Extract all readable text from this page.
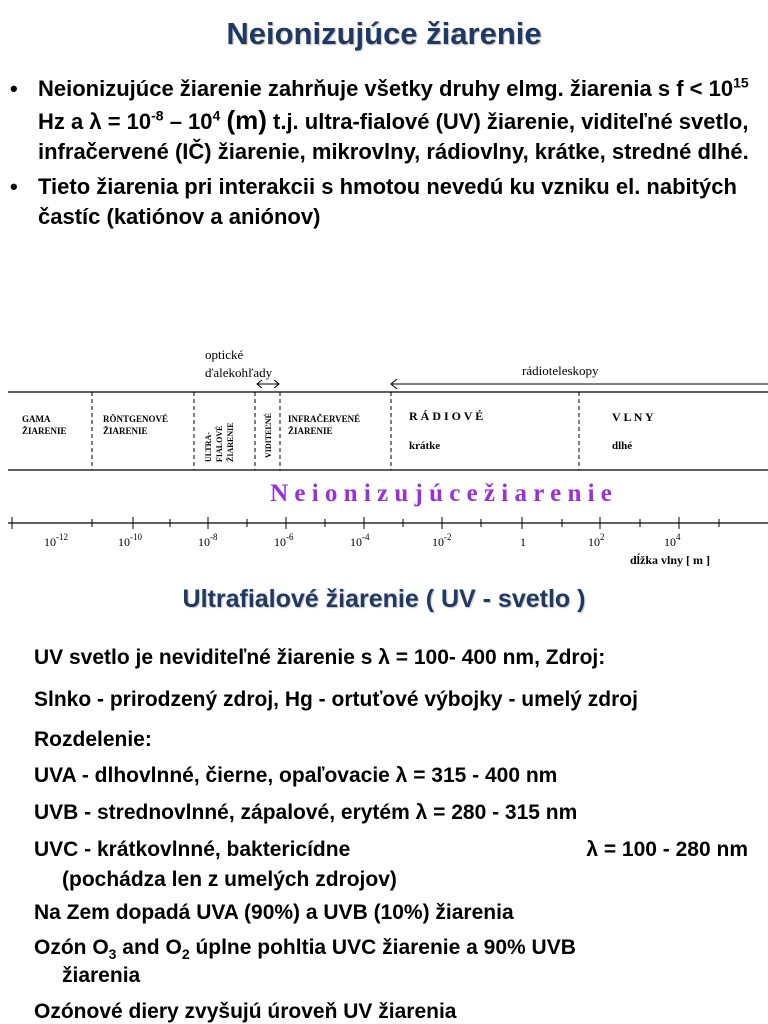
Neionizujúce žiarenie
• Neionizujúce žiarenie zahrňuje všetky druhy elmg. žiarenia s $f < 10^{15}$ Hz a $\lambda = 10^{-8} - 10^4$ (m) t.j. ultra-fialové (UV) žiarenie, viditeľné svetlo, infračervené (IČ) žiarenie, mikrovlny, rádiovlny, krátke, stredné dlhé.
• Tieto žiarenia pri interakcii s hmotou nevedú ku vzniku el. nabitých častíc (katiónov a aniónov)
optické
ďalekohľady	rádioteleskopy
GAMA
ŽIARENIE
RÖNTGENOVÉ
ŽIARENIE
INFRAČERVENÉ
ŽIARENIE
ULTRA- FIALOVÉ ŽIARENIE	VIDITEĽNÉ	R Á D I O V É	V L N Y
krátke	dlhé
N e i o n i z u j ú c e ž i a r e n i e
$10^{-12}$	$10^{-10}$	$10^{-8}$	$10^{-6}$	$10^{-4}$	$10^{-2}$	1	$10^2$	$10^4$
dĺžka vlny [ m ]
Ultrafialové žiarenie ( UV - svetlo )
UV svetlo je neviditeľné žiarenie s λ = 100- 400 nm, Zdroj:
Slnko - prirodzený zdroj, Hg - ortuťové výbojky - umelý zdroj
Rozdelenie:
UVA - dlhovlnné, čierne, opaľovacie λ = 315 - 400 nm
UVB - strednovlnné, zápalové, erytém λ = 280 - 315 nm
UVC - krátkovlnné, baktericídne	λ = 100 - 280 nm
(pochádza len z umelých zdrojov)
Na Zem dopadá UVA (90%) a UVB (10%) žiarenia
Ozón $O_3$ and $O_2$ úplne pohltia UVC žiarenie a 90% UVB
žiarenia
Ozónové diery zvyšujú úroveň UV žiarenia
